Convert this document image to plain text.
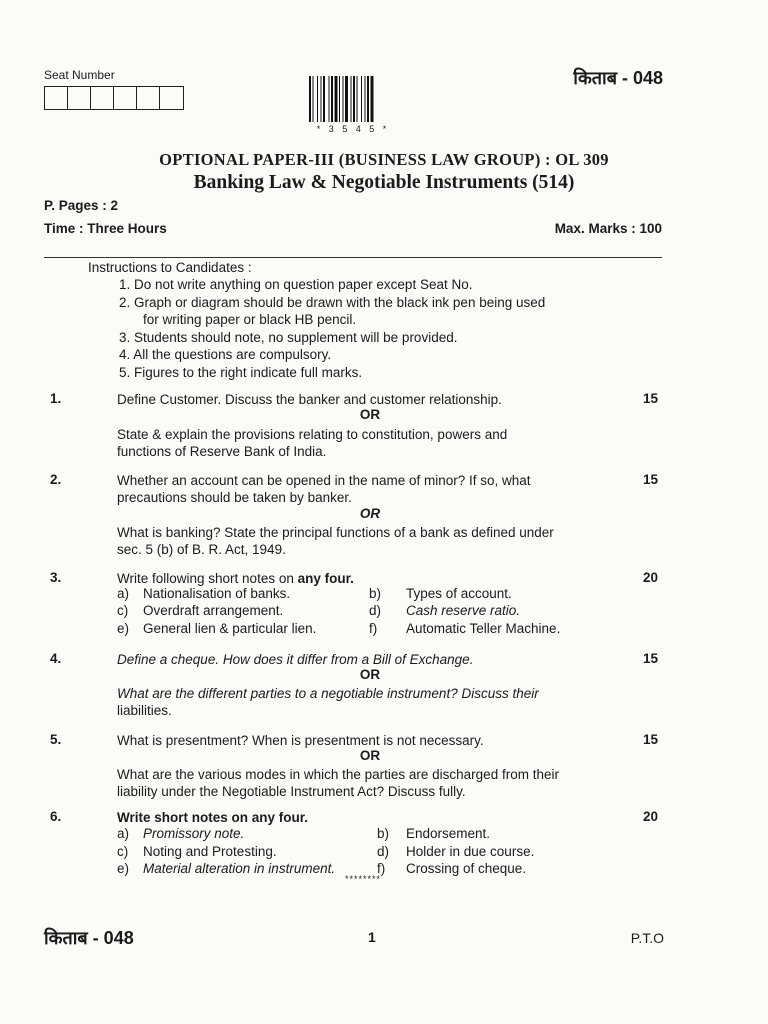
Seat Number	किताब - 048
* 3 5 4 5 *
OPTIONAL PAPER-III (BUSINESS LAW GROUP) : OL 309
Banking Law & Negotiable Instruments (514)
P. Pages : 2
Time : Three Hours	Max. Marks : 100
Instructions to Candidates :
1. Do not write anything on question paper except Seat No.
2. Graph or diagram should be drawn with the black ink pen being used
for writing paper or black HB pencil.
3. Students should note, no supplement will be provided.
4. All the questions are compulsory.
5. Figures to the right indicate full marks.
1.	Define Customer. Discuss the banker and customer relationship.	15
OR
State & explain the provisions relating to constitution, powers and
functions of Reserve Bank of India.
2.	Whether an account can be opened in the name of minor? If so, what	15
precautions should be taken by banker.
OR
What is banking? State the principal functions of a bank as defined under
sec. 5 (b) of B. R. Act, 1949.
3.	Write following short notes on any four.	20
a) Nationalisation of banks.	b) Types of account.
c) Overdraft arrangement.	d) Cash reserve ratio.
e) General lien & particular lien.	f) Automatic Teller Machine.
4.	Define a cheque. How does it differ from a Bill of Exchange.	15
OR
What are the different parties to a negotiable instrument? Discuss their
liabilities.
5.	What is presentment? When is presentment is not necessary.	15
OR
What are the various modes in which the parties are discharged from their
liability under the Negotiable Instrument Act? Discuss fully.
6.	Write short notes on any four.	20
a) Promissory note.	b) Endorsement.
c) Noting and Protesting.	d) Holder in due course.
e) Material alteration in instrument.	f) Crossing of cheque.
********
किताब - 048	1	P.T.O
